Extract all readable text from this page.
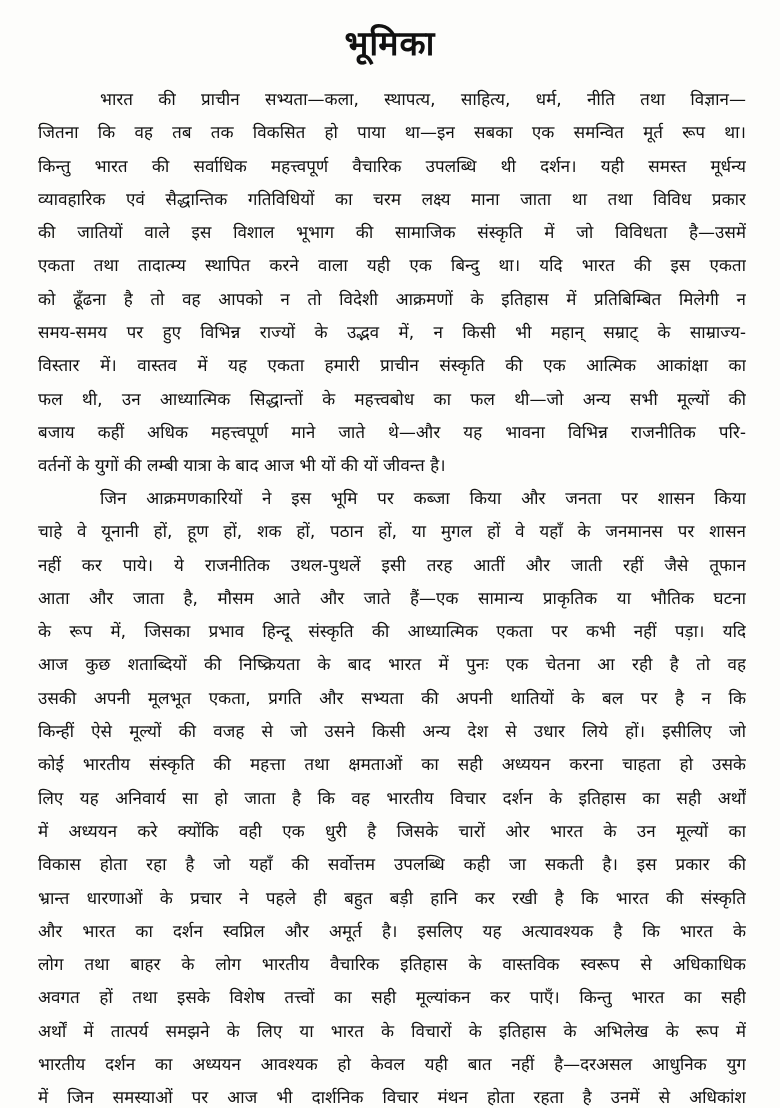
भूमिका
भारत की प्राचीन सभ्यता—कला, स्थापत्य, साहित्य, धर्म, नीति तथा विज्ञान—
जितना कि वह तब तक विकसित हो पाया था—इन सबका एक समन्वित मूर्त रूप था।
किन्तु भारत की सर्वाधिक महत्त्वपूर्ण वैचारिक उपलब्धि थी दर्शन। यही समस्त मूर्धन्य
व्यावहारिक एवं सैद्धान्तिक गतिविधियों का चरम लक्ष्य माना जाता था तथा विविध प्रकार
की जातियों वाले इस विशाल भूभाग की सामाजिक संस्कृति में जो विविधता है—उसमें
एकता तथा तादात्म्य स्थापित करने वाला यही एक बिन्दु था। यदि भारत की इस एकता
को ढूँढना है तो वह आपको न तो विदेशी आक्रमणों के इतिहास में प्रतिबिम्बित मिलेगी न
समय-समय पर हुए विभिन्न राज्यों के उद्भव में, न किसी भी महान् सम्राट् के साम्राज्य-
विस्तार में। वास्तव में यह एकता हमारी प्राचीन संस्कृति की एक आत्मिक आकांक्षा का
फल थी, उन आध्यात्मिक सिद्धान्तों के महत्त्वबोध का फल थी—जो अन्य सभी मूल्यों की
बजाय कहीं अधिक महत्त्वपूर्ण माने जाते थे—और यह भावना विभिन्न राजनीतिक परि-
वर्तनों के युगों की लम्बी यात्रा के बाद आज भी यों की यों जीवन्त है।
जिन आक्रमणकारियों ने इस भूमि पर कब्जा किया और जनता पर शासन किया
चाहे वे यूनानी हों, हूण हों, शक हों, पठान हों, या मुगल हों वे यहाँ के जनमानस पर शासन
नहीं कर पाये। ये राजनीतिक उथल-पुथलें इसी तरह आतीं और जाती रहीं जैसे तूफान
आता और जाता है, मौसम आते और जाते हैं—एक सामान्य प्राकृतिक या भौतिक घटना
के रूप में, जिसका प्रभाव हिन्दू संस्कृति की आध्यात्मिक एकता पर कभी नहीं पड़ा। यदि
आज कुछ शताब्दियों की निष्क्रियता के बाद भारत में पुनः एक चेतना आ रही है तो वह
उसकी अपनी मूलभूत एकता, प्रगति और सभ्यता की अपनी थातियों के बल पर है न कि
किन्हीं ऐसे मूल्यों की वजह से जो उसने किसी अन्य देश से उधार लिये हों। इसीलिए जो
कोई भारतीय संस्कृति की महत्ता तथा क्षमताओं का सही अध्ययन करना चाहता हो उसके
लिए यह अनिवार्य सा हो जाता है कि वह भारतीय विचार दर्शन के इतिहास का सही अर्थों
में अध्ययन करे क्योंकि वही एक धुरी है जिसके चारों ओर भारत के उन मूल्यों का
विकास होता रहा है जो यहाँ की सर्वोत्तम उपलब्धि कही जा सकती है। इस प्रकार की
भ्रान्त धारणाओं के प्रचार ने पहले ही बहुत बड़ी हानि कर रखी है कि भारत की संस्कृति
और भारत का दर्शन स्वप्निल और अमूर्त है। इसलिए यह अत्यावश्यक है कि भारत के
लोग तथा बाहर के लोग भारतीय वैचारिक इतिहास के वास्तविक स्वरूप से अधिकाधिक
अवगत हों तथा इसके विशेष तत्त्वों का सही मूल्यांकन कर पाएँ। किन्तु भारत का सही
अर्थों में तात्पर्य समझने के लिए या भारत के विचारों के इतिहास के अभिलेख के रूप में
भारतीय दर्शन का अध्ययन आवश्यक हो केवल यही बात नहीं है—दरअसल आधुनिक युग
में जिन समस्याओं पर आज भी दार्शनिक विचार मंथन होता रहता है उनमें से अधिकांश
